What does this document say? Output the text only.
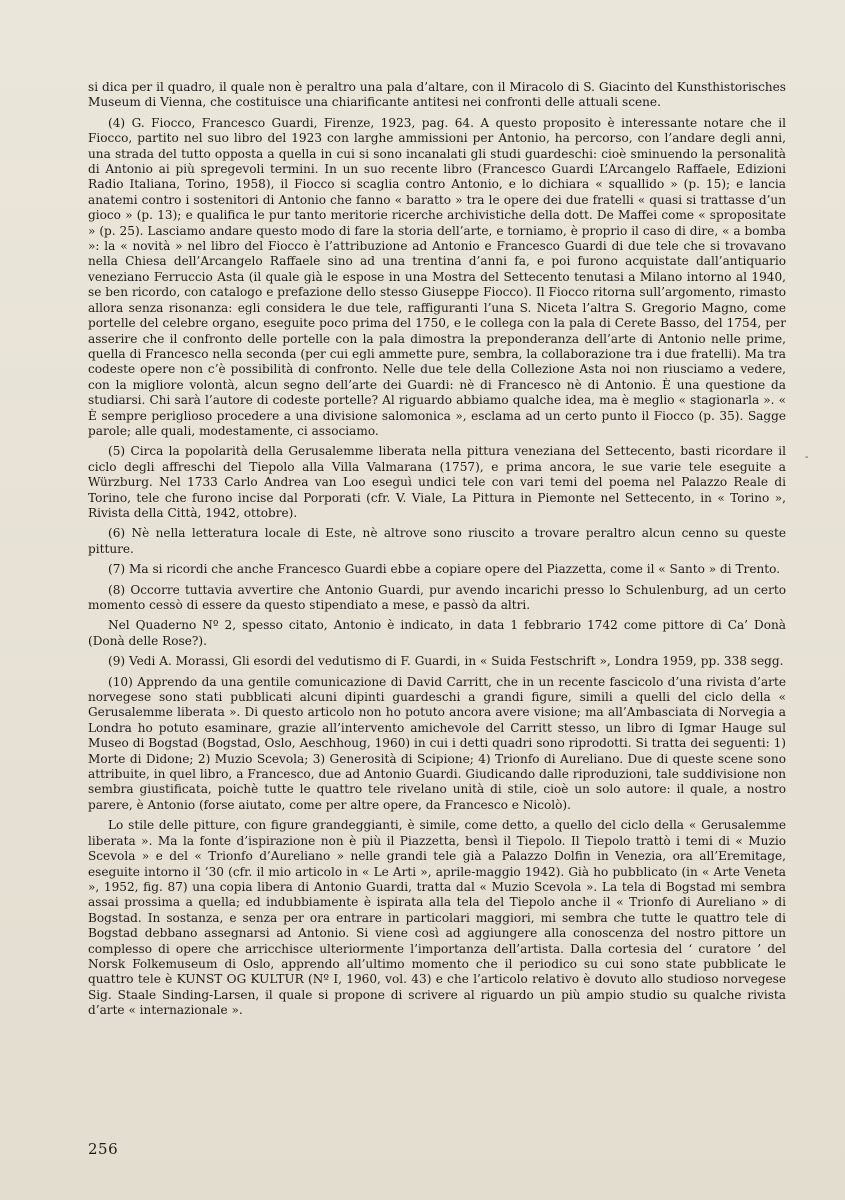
si dica per il quadro, il quale non è peraltro una pala d’altare, con il Miracolo di S. Giacinto del Kunsthistorisches Museum di Vienna, che costituisce una chiarificante antitesi nei confronti delle attuali scene.

(4) G. Fiocco, Francesco Guardi, Firenze, 1923, pag. 64. A questo proposito è interessante notare che il Fiocco, partito nel suo libro del 1923 con larghe ammissioni per Antonio, ha percorso, con l’andare degli anni, una strada del tutto opposta a quella in cui si sono incanalati gli studi guardeschi: cioè sminuendo la personalità di Antonio ai più spregevoli termini. In un suo recente libro (Francesco Guardi L’Arcangelo Raffaele, Edizioni Radio Italiana, Torino, 1958), il Fiocco si scaglia contro Antonio, e lo dichiara « squallido » (p. 15); e lancia anatemi contro i sostenitori di Antonio che fanno « baratto » tra le opere dei due fratelli « quasi si trattasse d’un gioco » (p. 13); e qualifica le pur tanto meritorie ricerche archivistiche della dott. De Maffei come « spropositate » (p. 25). Lasciamo andare questo modo di fare la storia dell’arte, e torniamo, è proprio il caso di dire, « a bomba »: la « novità » nel libro del Fiocco è l’attribuzione ad Antonio e Francesco Guardi di due tele che si trovavano nella Chiesa dell’Arcangelo Raffaele sino ad una trentina d’anni fa, e poi furono acquistate dall’antiquario veneziano Ferruccio Asta (il quale già le espose in una Mostra del Settecento tenutasi a Milano intorno al 1940, se ben ricordo, con catalogo e prefazione dello stesso Giuseppe Fiocco). Il Fiocco ritorna sull’argomento, rimasto allora senza risonanza: egli considera le due tele, raffiguranti l’una S. Niceta l’altra S. Gregorio Magno, come portelle del celebre organo, eseguite poco prima del 1750, e le collega con la pala di Cerete Basso, del 1754, per asserire che il confronto delle portelle con la pala dimostra la preponderanza dell’arte di Antonio nelle prime, quella di Francesco nella seconda (per cui egli ammette pure, sembra, la collaborazione tra i due fratelli). Ma tra codeste opere non c’è possibilità di confronto. Nelle due tele della Collezione Asta noi non riusciamo a vedere, con la migliore volontà, alcun segno dell’arte dei Guardi: nè di Francesco nè di Antonio. È una questione da studiarsi. Chi sarà l’autore di codeste portelle? Al riguardo abbiamo qualche idea, ma è meglio « stagionarla ». « È sempre periglioso procedere a una divisione salomonica », esclama ad un certo punto il Fiocco (p. 35). Sagge parole; alle quali, modestamente, ci associamo.

(5) Circa la popolarità della Gerusalemme liberata nella pittura veneziana del Settecento, basti ricordare il ciclo degli affreschi del Tiepolo alla Villa Valmarana (1757), e prima ancora, le sue varie tele eseguite a Würzburg. Nel 1733 Carlo Andrea van Loo eseguì undici tele con vari temi del poema nel Palazzo Reale di Torino, tele che furono incise dal Porporati (cfr. V. Viale, La Pittura in Piemonte nel Settecento, in « Torino », Rivista della Città, 1942, ottobre).

(6) Nè nella letteratura locale di Este, nè altrove sono riuscito a trovare peraltro alcun cenno su queste pitture.

(7) Ma si ricordi che anche Francesco Guardi ebbe a copiare opere del Piazzetta, come il « Santo » di Trento.

(8) Occorre tuttavia avvertire che Antonio Guardi, pur avendo incarichi presso lo Schulenburg, ad un certo momento cessò di essere da questo stipendiato a mese, e passò da altri.

Nel Quaderno Nº 2, spesso citato, Antonio è indicato, in data 1 febbrario 1742 come pittore di Ca’ Donà (Donà delle Rose?).

(9) Vedi A. Morassi, Gli esordi del vedutismo di F. Guardi, in « Suida Festschrift », Londra 1959, pp. 338 segg.

(10) Apprendo da una gentile comunicazione di David Carritt, che in un recente fascicolo d’una rivista d’arte norvegese sono stati pubblicati alcuni dipinti guardeschi a grandi figure, simili a quelli del ciclo della « Gerusalemme liberata ». Di questo articolo non ho potuto ancora avere visione; ma all’Ambasciata di Norvegia a Londra ho potuto esaminare, grazie all’intervento amichevole del Carritt stesso, un libro di Igmar Hauge sul Museo di Bogstad (Bogstad, Oslo, Aeschhoug, 1960) in cui i detti quadri sono riprodotti. Si tratta dei seguenti: 1) Morte di Didone; 2) Muzio Scevola; 3) Generosità di Scipione; 4) Trionfo di Aureliano. Due di queste scene sono attribuite, in quel libro, a Francesco, due ad Antonio Guardi. Giudicando dalle riproduzioni, tale suddivisione non sembra giustificata, poichè tutte le quattro tele rivelano unità di stile, cioè un solo autore: il quale, a nostro parere, è Antonio (forse aiutato, come per altre opere, da Francesco e Nicolò).

Lo stile delle pitture, con figure grandeggianti, è simile, come detto, a quello del ciclo della « Gerusalemme liberata ». Ma la fonte d’ispirazione non è più il Piazzetta, bensì il Tiepolo. Il Tiepolo trattò i temi di « Muzio Scevola » e del « Trionfo d’Aureliano » nelle grandi tele già a Palazzo Dolfin in Venezia, ora all’Eremitage, eseguite intorno il ’30 (cfr. il mio articolo in « Le Arti », aprile-maggio 1942). Già ho pubblicato (in « Arte Veneta », 1952, fig. 87) una copia libera di Antonio Guardi, tratta dal « Muzio Scevola ». La tela di Bogstad mi sembra assai prossima a quella; ed indubbiamente è ispirata alla tela del Tiepolo anche il « Trionfo di Aureliano » di Bogstad. In sostanza, e senza per ora entrare in particolari maggiori, mi sembra che tutte le quattro tele di Bogstad debbano assegnarsi ad Antonio. Si viene così ad aggiungere alla conoscenza del nostro pittore un complesso di opere che arricchisce ulteriormente l’importanza dell’artista. Dalla cortesia del ‘ curatore ’ del Norsk Folkemuseum di Oslo, apprendo all’ultimo momento che il periodico su cui sono state pubblicate le quattro tele è KUNST OG KULTUR (Nº I, 1960, vol. 43) e che l’articolo relativo è dovuto allo studioso norvegese Sig. Staale Sinding-Larsen, il quale si propone di scrivere al riguardo un più ampio studio su qualche rivista d’arte « internazionale ».

-
256
